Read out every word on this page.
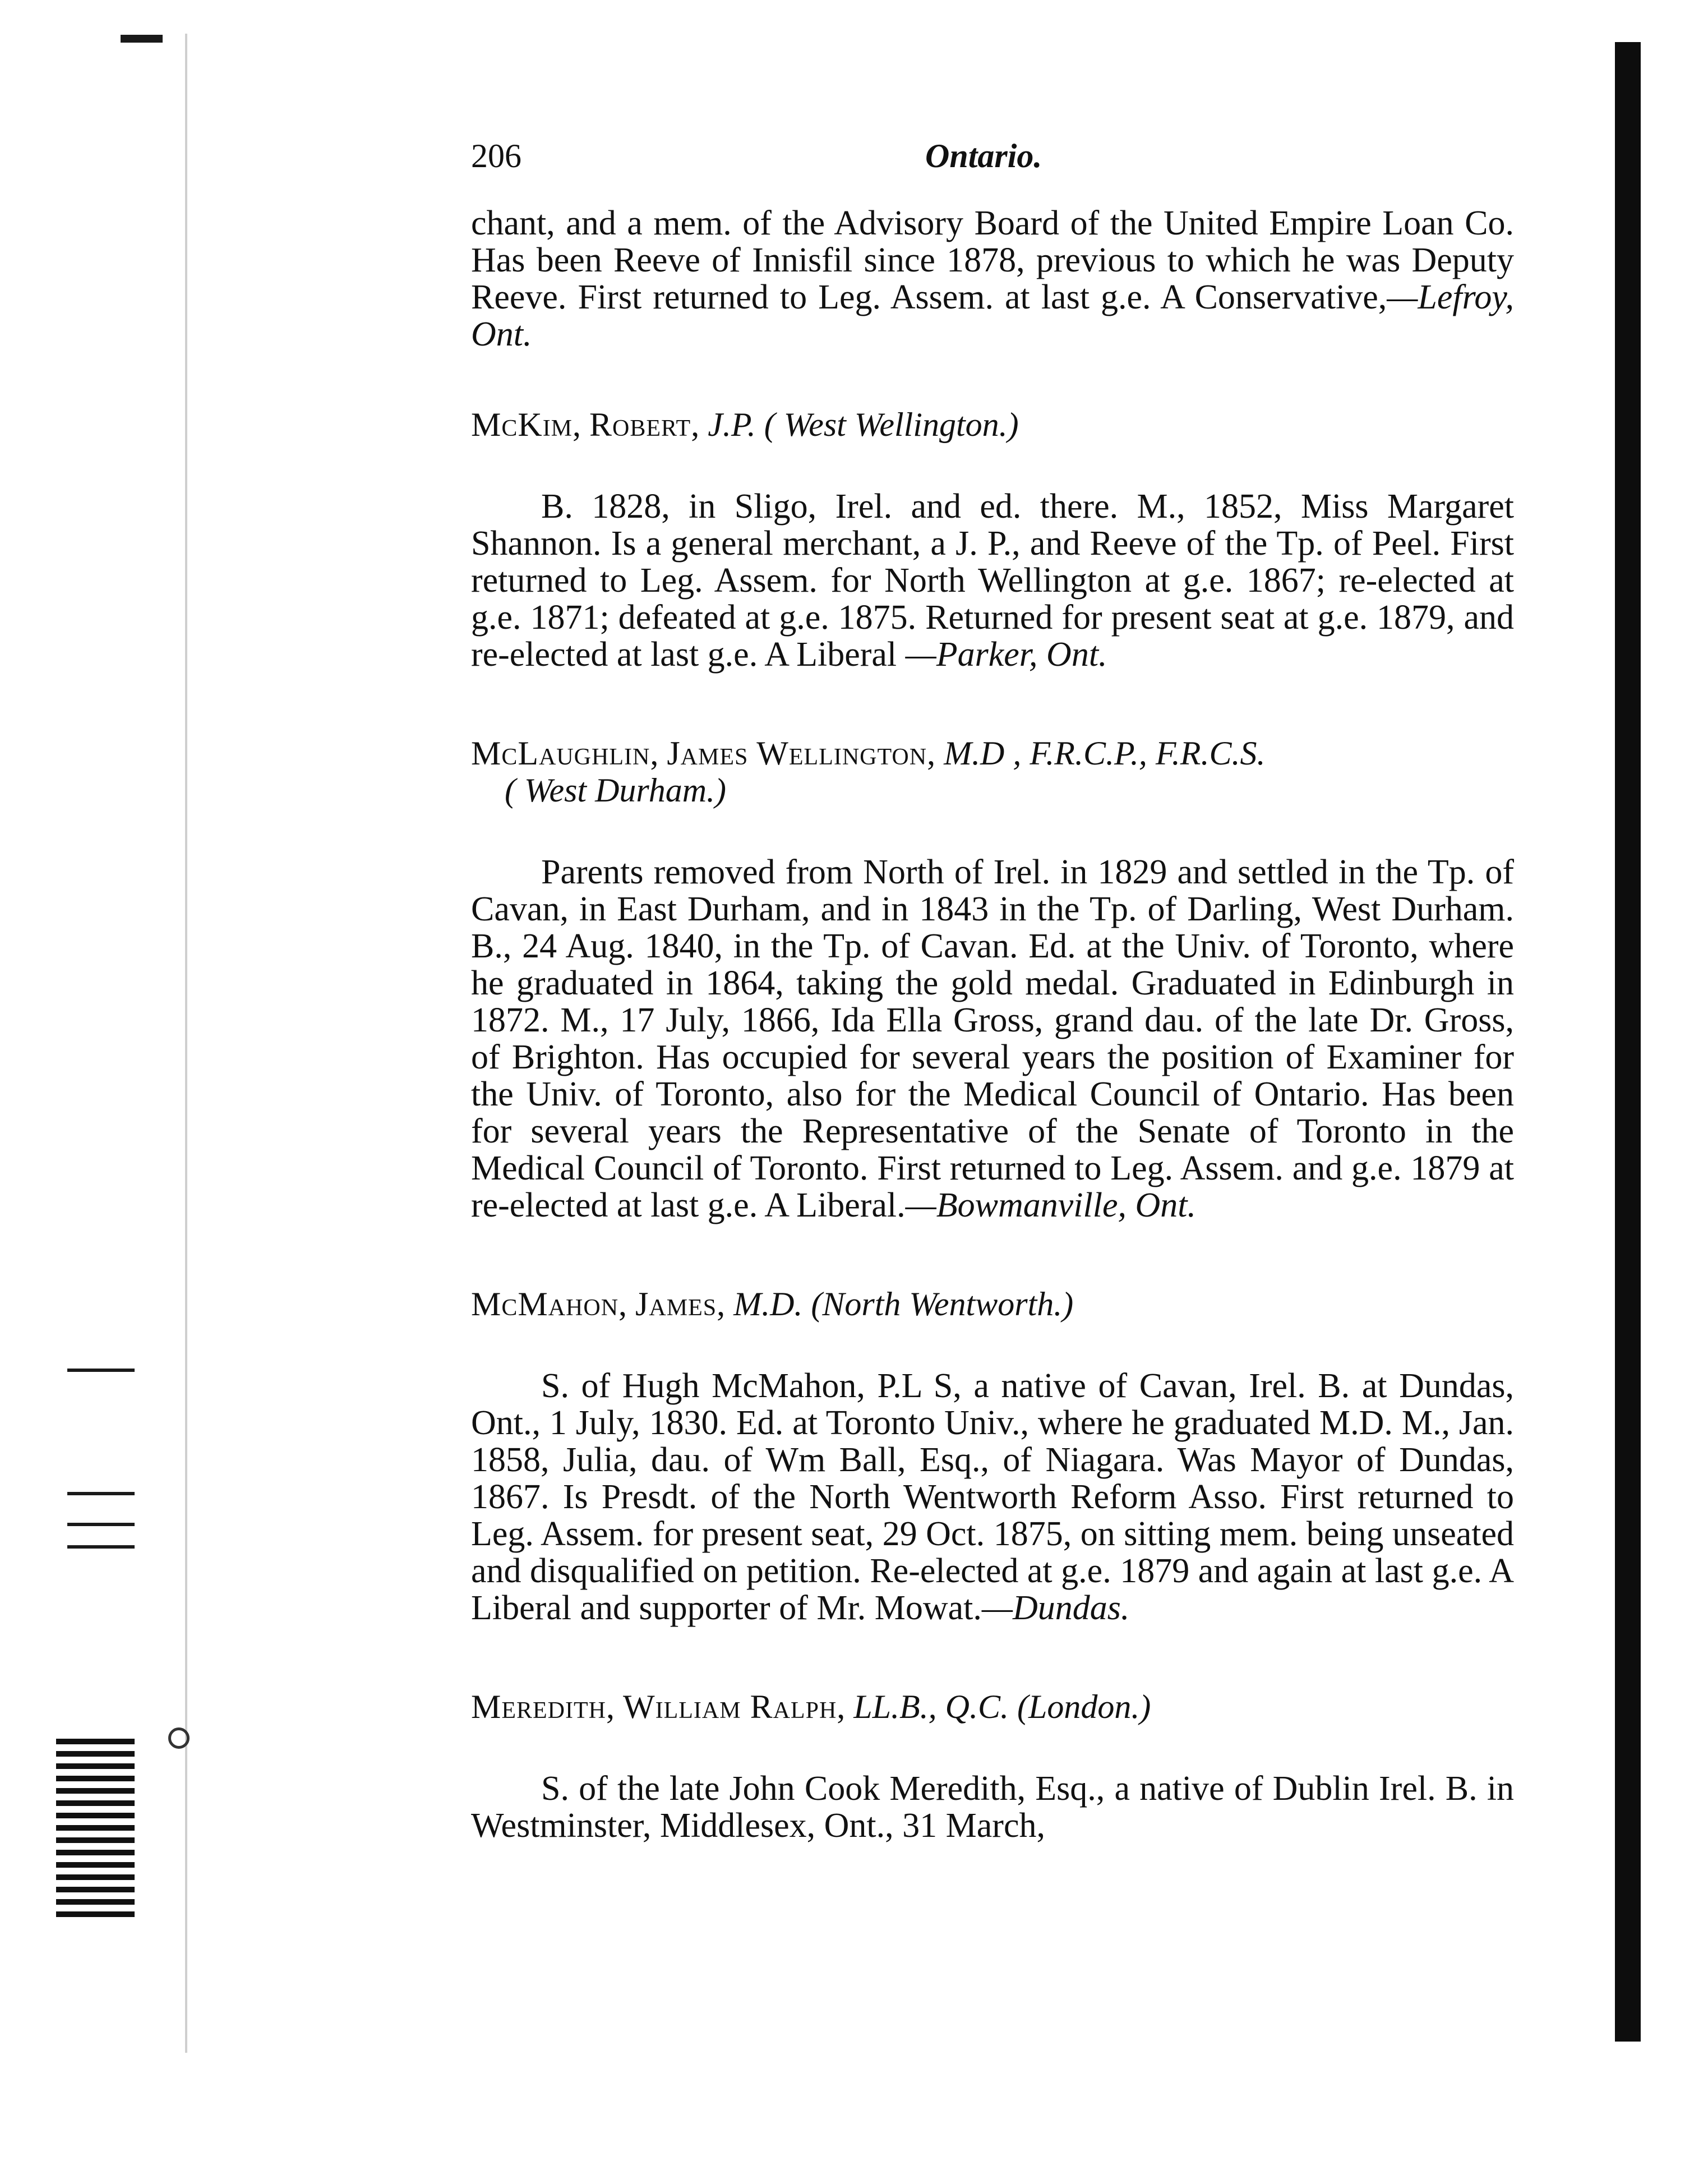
206	Ontario.

chant, and a mem. of the Advisory Board of the United Empire Loan Co. Has been Reeve of Innisfil since 1878, previous to which he was Deputy Reeve. First returned to Leg. Assem. at last g.e. A Conservative,—Lefroy, Ont.

McKim, Robert, J.P. ( West Wellington.)

B. 1828, in Sligo, Irel. and ed. there. M., 1852, Miss Margaret Shannon. Is a general merchant, a J. P., and Reeve of the Tp. of Peel. First returned to Leg. Assem. for North Wellington at g.e. 1867; re-elected at g.e. 1871; defeated at g.e. 1875. Returned for present seat at g.e. 1879, and re-elected at last g.e. A Liberal —Parker, Ont.

McLaughlin, James Wellington, M.D , F.R.C.P., F.R.C.S.
( West Durham.)

Parents removed from North of Irel. in 1829 and settled in the Tp. of Cavan, in East Durham, and in 1843 in the Tp. of Darling, West Durham. B., 24 Aug. 1840, in the Tp. of Cavan. Ed. at the Univ. of Toronto, where he graduated in 1864, taking the gold medal. Graduated in Edinburgh in 1872. M., 17 July, 1866, Ida Ella Gross, grand dau. of the late Dr. Gross, of Brighton. Has occupied for several years the position of Examiner for the Univ. of Toronto, also for the Medical Council of Ontario. Has been for several years the Representative of the Senate of Toronto in the Medical Council of Toronto. First returned to Leg. Assem. and g.e. 1879 at re-elected at last g.e. A Liberal.—Bowmanville, Ont.

McMahon, James, M.D. (North Wentworth.)

S. of Hugh McMahon, P.L S, a native of Cavan, Irel. B. at Dundas, Ont., 1 July, 1830. Ed. at Toronto Univ., where he graduated M.D. M., Jan. 1858, Julia, dau. of Wm Ball, Esq., of Niagara. Was Mayor of Dundas, 1867. Is Presdt. of the North Wentworth Reform Asso. First returned to Leg. Assem. for present seat, 29 Oct. 1875, on sitting mem. being unseated and disqualified on petition. Re-elected at g.e. 1879 and again at last g.e. A Liberal and supporter of Mr. Mowat.—Dundas.

Meredith, William Ralph, LL.B., Q.C. (London.)

S. of the late John Cook Meredith, Esq., a native of Dublin Irel. B. in Westminster, Middlesex, Ont., 31 March,
